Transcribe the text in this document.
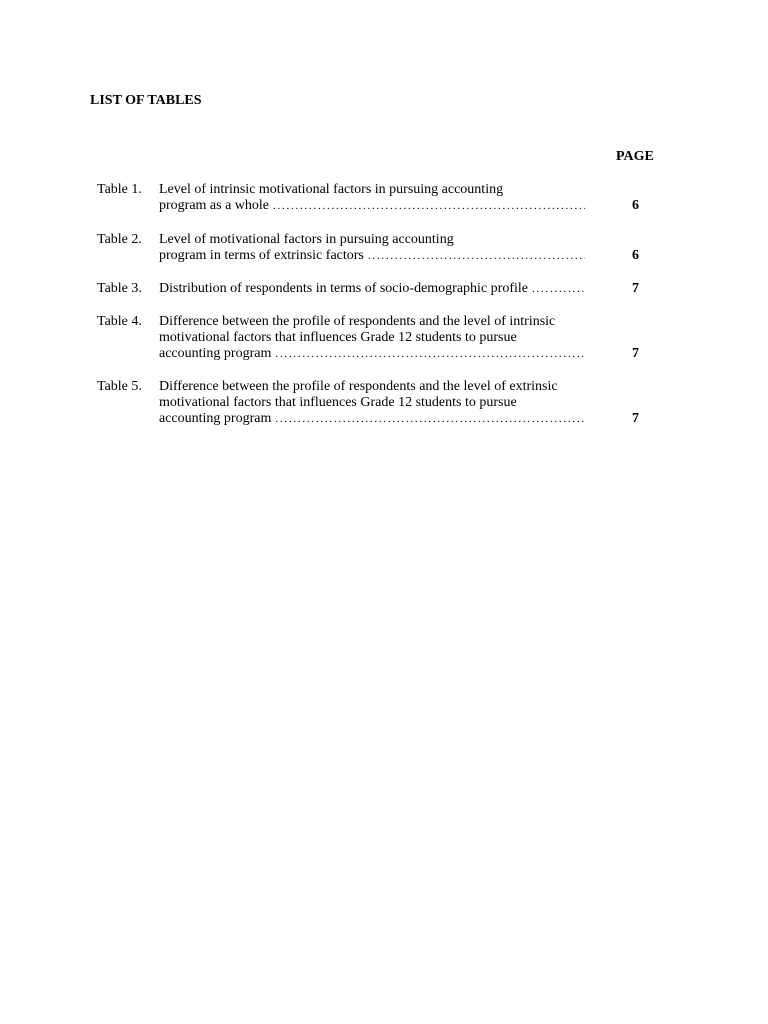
LIST OF TABLES
PAGE
Table 1. Level of intrinsic motivational factors in pursuing accounting
program as a whole . . .	6
Table 2. Level of motivational factors in pursuing accounting
program in terms of extrinsic factors . . .	6
Table 3. Distribution of respondents in terms of socio-demographic profile . . .	7
Table 4. Difference between the profile of respondents and the level of intrinsic
motivational factors that influences Grade 12 students to pursue
accounting program . . .	7
Table 5. Difference between the profile of respondents and the level of extrinsic
motivational factors that influences Grade 12 students to pursue
accounting program . . .	7
